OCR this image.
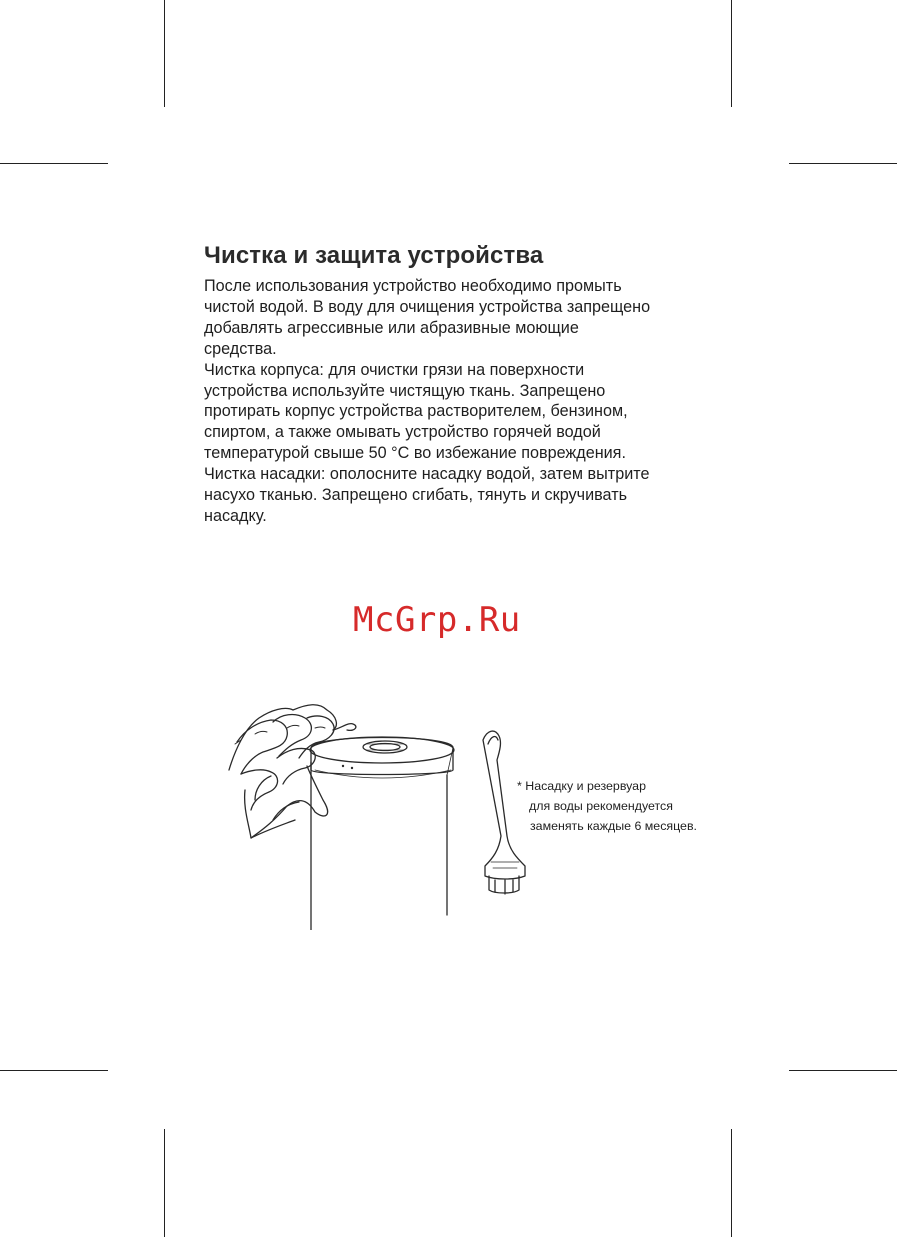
Чистка и защита устройства
После использования устройство необходимо промыть
чистой водой. В воду для очищения устройства запрещено
добавлять агрессивные или абразивные моющие
средства.
Чистка корпуса: для очистки грязи на поверхности
устройства используйте чистящую ткань. Запрещено
протирать корпус устройства растворителем, бензином,
спиртом, а также омывать устройство горячей водой
температурой свыше 50 °С во избежание повреждения.
Чистка насадки: ополосните насадку водой, затем вытрите
насухо тканью. Запрещено сгибать, тянуть и скручивать
насадку.
McGrp.Ru
* Насадку и резервуар
для воды рекомендуется
заменять каждые 6 месяцев.
